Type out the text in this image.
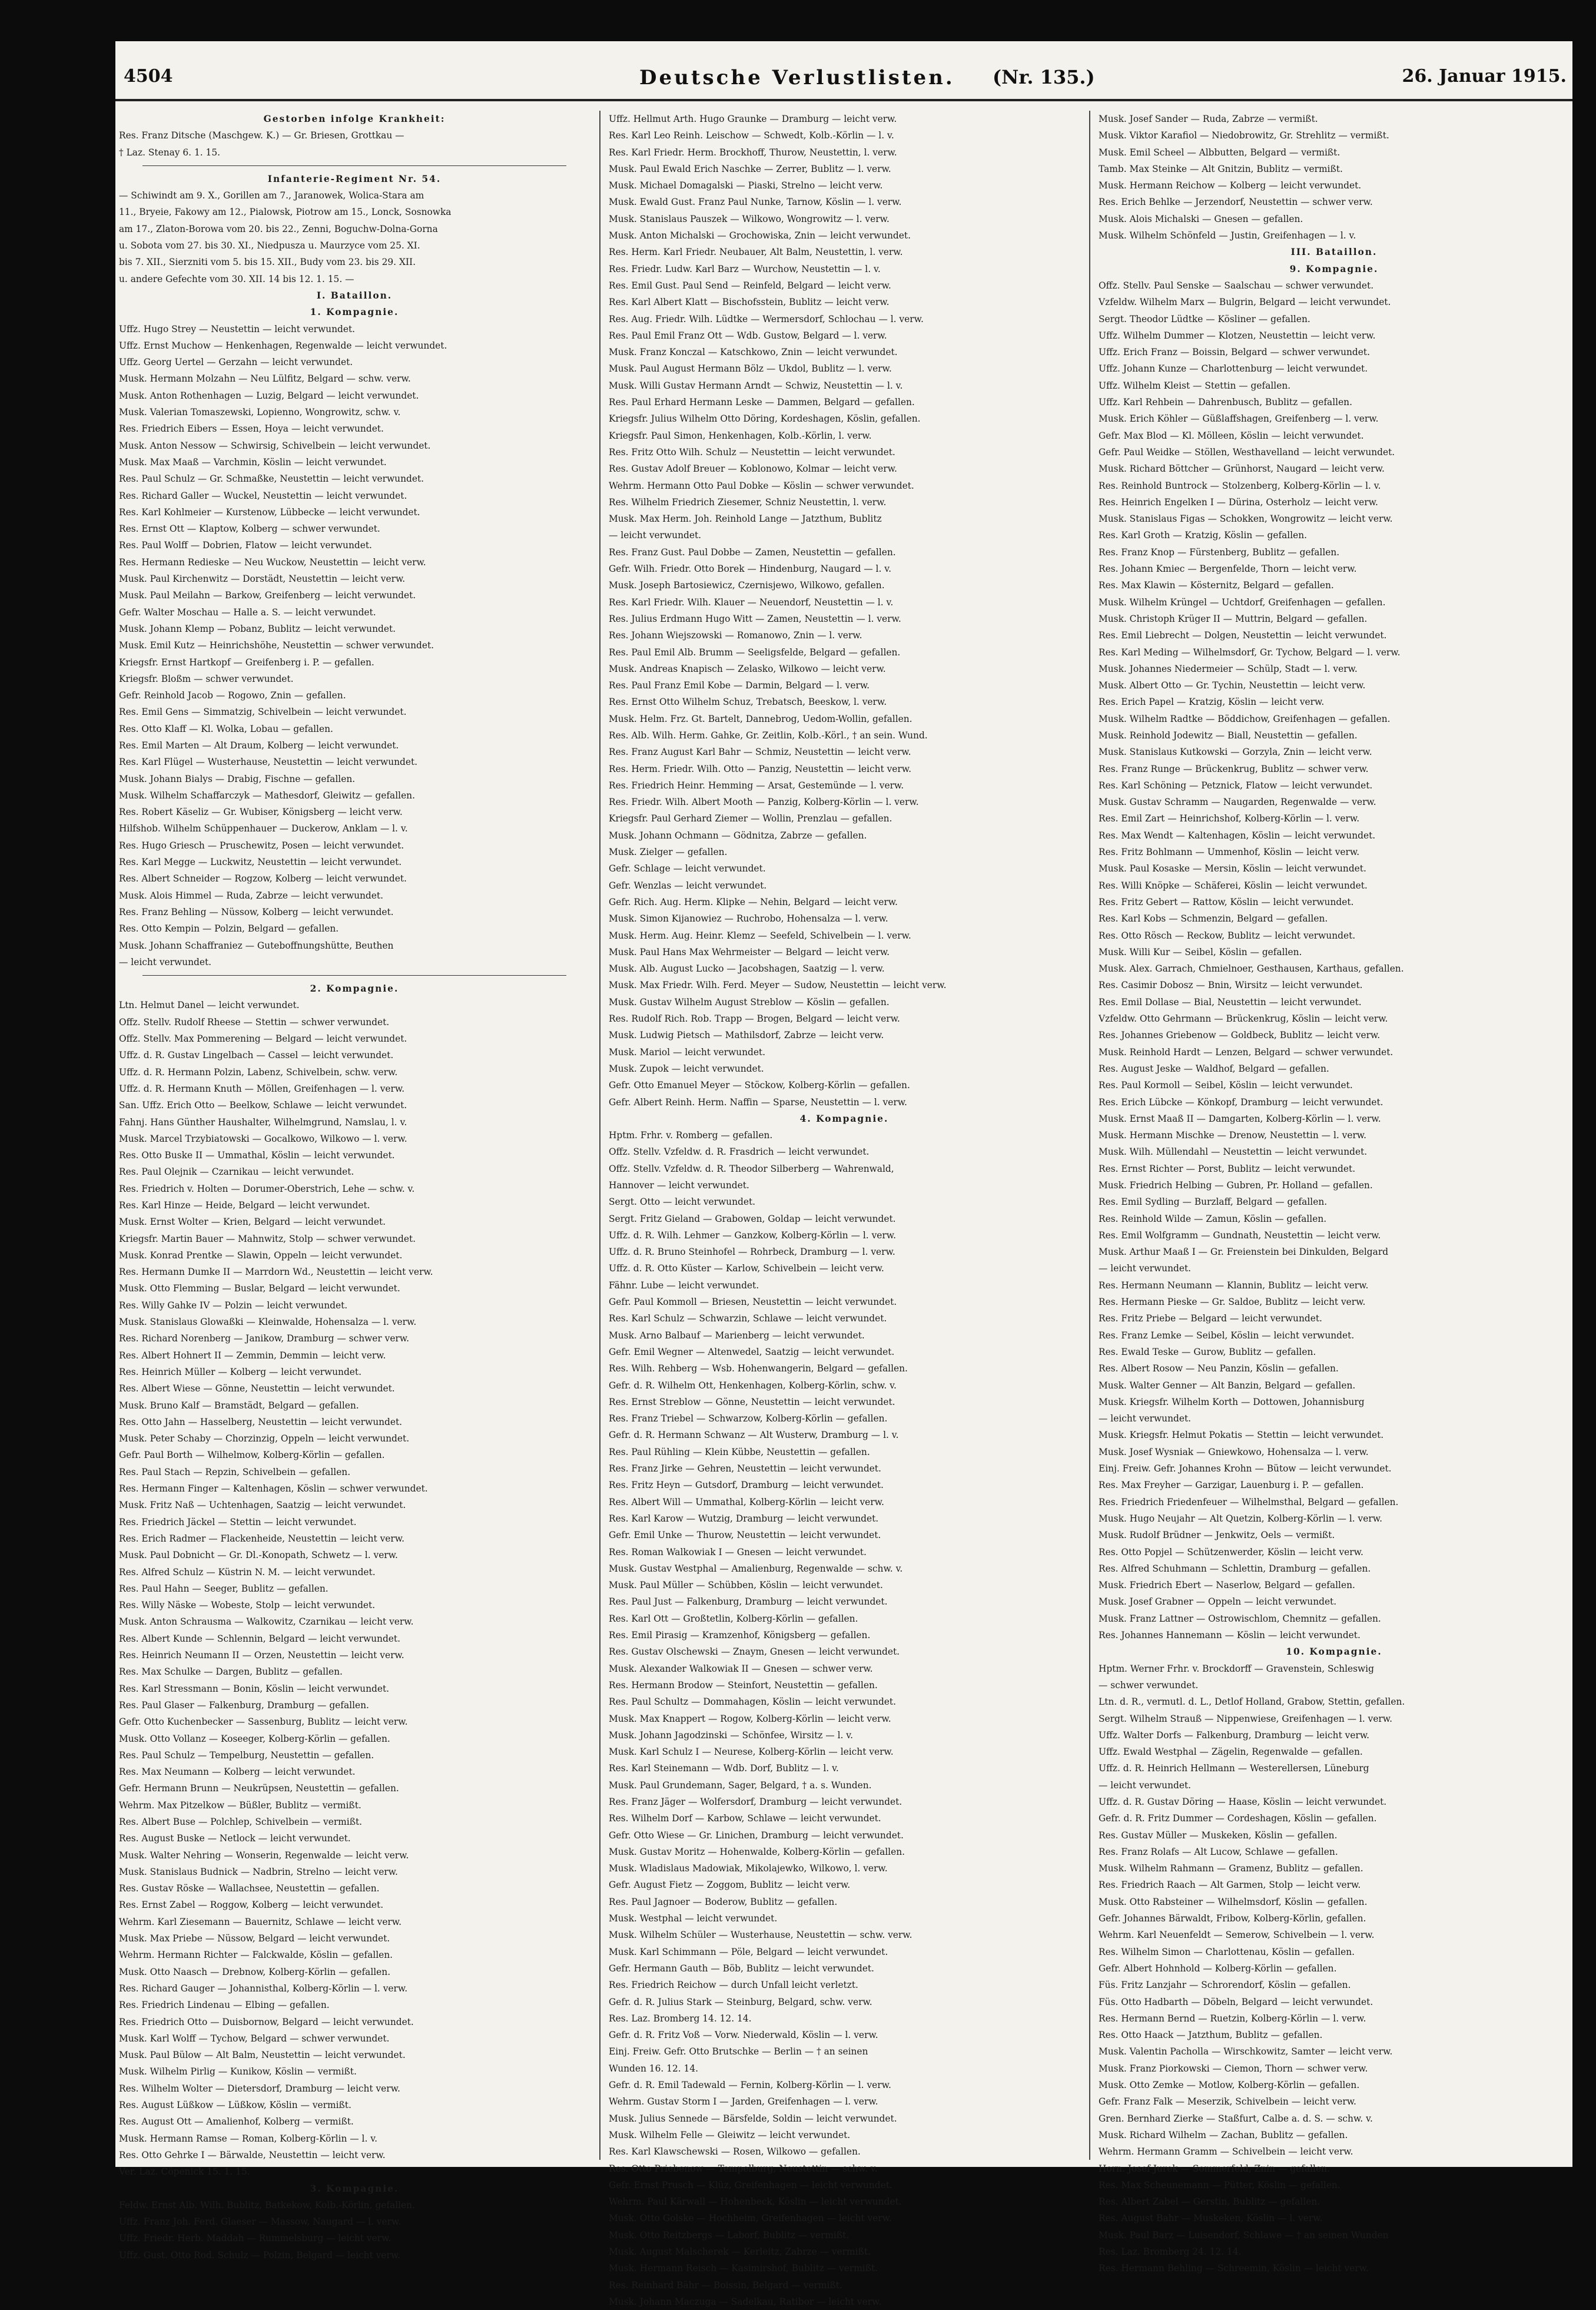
4504	Deutsche Verlustlisten. (Nr. 135.)	26. Januar 1915.
Gestorben infolge Krankheit:
Res. Franz Ditsche (Maschgew. K.) — Gr. Briesen, Grottkau —
† Laz. Stenay 6. 1. 15.
Infanterie-Regiment Nr. 54.
— Schiwindt am 9. X., Gorillen am 7., Jaranowek, Wolica-Stara am
11., Bryeie, Fakowy am 12., Pialowsk, Piotrow am 15., Lonck, Sosnowka
am 17., Zlaton-Borowa vom 20. bis 22., Zenni, Boguchw-Dolna-Gorna
u. Sobota vom 27. bis 30. XI., Niedpusza u. Maurzyce vom 25. XI.
bis 7. XII., Sierzniti vom 5. bis 15. XII., Budy vom 23. bis 29. XII.
u. andere Gefechte vom 30. XII. 14 bis 12. 1. 15. —
I. Bataillon.
1. Kompagnie.
Uffz. Hugo Strey — Neustettin — leicht verwundet.
Uffz. Ernst Muchow — Henkenhagen, Regenwalde — leicht verwundet.
Uffz. Georg Uertel — Gerzahn — leicht verwundet.
Musk. Hermann Molzahn — Neu Lülfitz, Belgard — schw. verw.
Musk. Anton Rothenhagen — Luzig, Belgard — leicht verwundet.
Musk. Valerian Tomaszewski, Lopienno, Wongrowitz, schw. v.
Res. Friedrich Eibers — Essen, Hoya — leicht verwundet.
Musk. Anton Nessow — Schwirsig, Schivelbein — leicht verwundet.
Musk. Max Maaß — Varchmin, Köslin — leicht verwundet.
Res. Paul Schulz — Gr. Schmaßke, Neustettin — leicht verwundet.
Res. Richard Galler — Wuckel, Neustettin — leicht verwundet.
Res. Karl Kohlmeier — Kurstenow, Lübbecke — leicht verwundet.
Res. Ernst Ott — Klaptow, Kolberg — schwer verwundet.
Res. Paul Wolff — Dobrien, Flatow — leicht verwundet.
Res. Hermann Redieske — Neu Wuckow, Neustettin — leicht verw.
Musk. Paul Kirchenwitz — Dorstädt, Neustettin — leicht verw.
Musk. Paul Meilahn — Barkow, Greifenberg — leicht verwundet.
Gefr. Walter Moschau — Halle a. S. — leicht verwundet.
Musk. Johann Klemp — Pobanz, Bublitz — leicht verwundet.
Musk. Emil Kutz — Heinrichshöhe, Neustettin — schwer verwundet.
Kriegsfr. Ernst Hartkopf — Greifenberg i. P. — gefallen.
Kriegsfr. Bloßm — schwer verwundet.
Gefr. Reinhold Jacob — Rogowo, Znin — gefallen.
Res. Emil Gens — Simmatzig, Schivelbein — leicht verwundet.
Res. Otto Klaff — Kl. Wolka, Lobau — gefallen.
Res. Emil Marten — Alt Draum, Kolberg — leicht verwundet.
Res. Karl Flügel — Wusterhause, Neustettin — leicht verwundet.
Musk. Johann Bialys — Drabig, Fischne — gefallen.
Musk. Wilhelm Schaffarczyk — Mathesdorf, Gleiwitz — gefallen.
Res. Robert Käseliz — Gr. Wubiser, Königsberg — leicht verw.
Hilfshob. Wilhelm Schüppenhauer — Duckerow, Anklam — l. v.
Res. Hugo Griesch — Pruschewitz, Posen — leicht verwundet.
Res. Karl Megge — Luckwitz, Neustettin — leicht verwundet.
Res. Albert Schneider — Rogzow, Kolberg — leicht verwundet.
Musk. Alois Himmel — Ruda, Zabrze — leicht verwundet.
Res. Franz Behling — Nüssow, Kolberg — leicht verwundet.
Res. Otto Kempin — Polzin, Belgard — gefallen.
Musk. Johann Schaffraniez — Guteboffnungshütte, Beuthen
— leicht verwundet.
2. Kompagnie.
Ltn. Helmut Danel — leicht verwundet.
Offz. Stellv. Rudolf Rheese — Stettin — schwer verwundet.
Offz. Stellv. Max Pommerening — Belgard — leicht verwundet.
Uffz. d. R. Gustav Lingelbach — Cassel — leicht verwundet.
Uffz. d. R. Hermann Polzin, Labenz, Schivelbein, schw. verw.
Uffz. d. R. Hermann Knuth — Möllen, Greifenhagen — l. verw.
San. Uffz. Erich Otto — Beelkow, Schlawe — leicht verwundet.
Fahnj. Hans Günther Haushalter, Wilhelmgrund, Namslau, l. v.
Musk. Marcel Trzybiatowski — Gocalkowo, Wilkowo — l. verw.
Res. Otto Buske II — Ummathal, Köslin — leicht verwundet.
Res. Paul Olejnik — Czarnikau — leicht verwundet.
Res. Friedrich v. Holten — Dorumer-Oberstrich, Lehe — schw. v.
Res. Karl Hinze — Heide, Belgard — leicht verwundet.
Musk. Ernst Wolter — Krien, Belgard — leicht verwundet.
Kriegsfr. Martin Bauer — Mahnwitz, Stolp — schwer verwundet.
Musk. Konrad Prentke — Slawin, Oppeln — leicht verwundet.
Res. Hermann Dumke II — Marrdorn Wd., Neustettin — leicht verw.
Musk. Otto Flemming — Buslar, Belgard — leicht verwundet.
Res. Willy Gahke IV — Polzin — leicht verwundet.
Musk. Stanislaus Glowaßki — Kleinwalde, Hohensalza — l. verw.
Res. Richard Norenberg — Janikow, Dramburg — schwer verw.
Res. Albert Hohnert II — Zemmin, Demmin — leicht verw.
Res. Heinrich Müller — Kolberg — leicht verwundet.
Res. Albert Wiese — Gönne, Neustettin — leicht verwundet.
Musk. Bruno Kalf — Bramstädt, Belgard — gefallen.
Res. Otto Jahn — Hasselberg, Neustettin — leicht verwundet.
Musk. Peter Schaby — Chorzinzig, Oppeln — leicht verwundet.
Gefr. Paul Borth — Wilhelmow, Kolberg-Körlin — gefallen.
Res. Paul Stach — Repzin, Schivelbein — gefallen.
Res. Hermann Finger — Kaltenhagen, Köslin — schwer verwundet.
Musk. Fritz Naß — Uchtenhagen, Saatzig — leicht verwundet.
Res. Friedrich Jäckel — Stettin — leicht verwundet.
Res. Erich Radmer — Flackenheide, Neustettin — leicht verw.
Musk. Paul Dobnicht — Gr. Dl.-Konopath, Schwetz — l. verw.
Res. Alfred Schulz — Küstrin N. M. — leicht verwundet.
Res. Paul Hahn — Seeger, Bublitz — gefallen.
Res. Willy Näske — Wobeste, Stolp — leicht verwundet.
Musk. Anton Schrausma — Walkowitz, Czarnikau — leicht verw.
Res. Albert Kunde — Schlennin, Belgard — leicht verwundet.
Res. Heinrich Neumann II — Orzen, Neustettin — leicht verw.
Res. Max Schulke — Dargen, Bublitz — gefallen.
Res. Karl Stressmann — Bonin, Köslin — leicht verwundet.
Res. Paul Glaser — Falkenburg, Dramburg — gefallen.
Gefr. Otto Kuchenbecker — Sassenburg, Bublitz — leicht verw.
Musk. Otto Vollanz — Koseeger, Kolberg-Körlin — gefallen.
Res. Paul Schulz — Tempelburg, Neustettin — gefallen.
Res. Max Neumann — Kolberg — leicht verwundet.
Gefr. Hermann Brunn — Neukrüpsen, Neustettin — gefallen.
Wehrm. Max Pitzelkow — Büßler, Bublitz — vermißt.
Res. Albert Buse — Polchlep, Schivelbein — vermißt.
Res. August Buske — Netlock — leicht verwundet.
Musk. Walter Nehring — Wonserin, Regenwalde — leicht verw.
Musk. Stanislaus Budnick — Nadbrin, Strelno — leicht verw.
Res. Gustav Röske — Wallachsee, Neustettin — gefallen.
Res. Ernst Zabel — Roggow, Kolberg — leicht verwundet.
Wehrm. Karl Ziesemann — Bauernitz, Schlawe — leicht verw.
Musk. Max Priebe — Nüssow, Belgard — leicht verwundet.
Wehrm. Hermann Richter — Falckwalde, Köslin — gefallen.
Musk. Otto Naasch — Drebnow, Kolberg-Körlin — gefallen.
Res. Richard Gauger — Johannisthal, Kolberg-Körlin — l. verw.
Res. Friedrich Lindenau — Elbing — gefallen.
Res. Friedrich Otto — Duisbornow, Belgard — leicht verwundet.
Musk. Karl Wolff — Tychow, Belgard — schwer verwundet.
Musk. Paul Bülow — Alt Balm, Neustettin — leicht verwundet.
Musk. Wilhelm Pirlig — Kunikow, Köslin — vermißt.
Res. Wilhelm Wolter — Dietersdorf, Dramburg — leicht verw.
Res. August Lüßkow — Lüßkow, Köslin — vermißt.
Res. August Ott — Amalienhof, Kolberg — vermißt.
Musk. Hermann Ramse — Roman, Kolberg-Körlin — l. v.
Res. Otto Gehrke I — Bärwalde, Neustettin — leicht verw.
Ver. Laz. Cöpenick 15. 1. 15.
3. Kompagnie.
Feldw. Ernst Alb. Wilh. Bublitz, Batkekow, Kolb.-Körlin, gefallen.
Uffz. Franz Joh. Ferd. Glaeser — Massow, Naugard — l. verw.
Uffz. Friedr. Herb. Maddah — Rummelsburg — leicht verw.
Uffz. Gust. Otto Rod. Schulz — Polzin, Belgard — leicht verw.
Uffz. Hellmut Arth. Hugo Graunke — Dramburg — leicht verw.
Res. Karl Leo Reinh. Leischow — Schwedt, Kolb.-Körlin — l. v.
Res. Karl Friedr. Herm. Brockhoff, Thurow, Neustettin, l. verw.
Musk. Paul Ewald Erich Naschke — Zerrer, Bublitz — l. verw.
Musk. Michael Domagalski — Piaski, Strelno — leicht verw.
Musk. Ewald Gust. Franz Paul Nunke, Tarnow, Köslin — l. verw.
Musk. Stanislaus Pauszek — Wilkowo, Wongrowitz — l. verw.
Musk. Anton Michalski — Grochowiska, Znin — leicht verwundet.
Res. Herm. Karl Friedr. Neubauer, Alt Balm, Neustettin, l. verw.
Res. Friedr. Ludw. Karl Barz — Wurchow, Neustettin — l. v.
Res. Emil Gust. Paul Send — Reinfeld, Belgard — leicht verw.
Res. Karl Albert Klatt — Bischofsstein, Bublitz — leicht verw.
Res. Aug. Friedr. Wilh. Lüdtke — Wermersdorf, Schlochau — l. verw.
Res. Paul Emil Franz Ott — Wdb. Gustow, Belgard — l. verw.
Musk. Franz Konczal — Katschkowo, Znin — leicht verwundet.
Musk. Paul August Hermann Bölz — Ukdol, Bublitz — l. verw.
Musk. Willi Gustav Hermann Arndt — Schwiz, Neustettin — l. v.
Res. Paul Erhard Hermann Leske — Dammen, Belgard — gefallen.
Kriegsfr. Julius Wilhelm Otto Döring, Kordeshagen, Köslin, gefallen.
Kriegsfr. Paul Simon, Henkenhagen, Kolb.-Körlin, l. verw.
Res. Fritz Otto Wilh. Schulz — Neustettin — leicht verwundet.
Res. Gustav Adolf Breuer — Koblonowo, Kolmar — leicht verw.
Wehrm. Hermann Otto Paul Dobke — Köslin — schwer verwundet.
Res. Wilhelm Friedrich Ziesemer, Schniz Neustettin, l. verw.
Musk. Max Herm. Joh. Reinhold Lange — Jatzthum, Bublitz
— leicht verwundet.
Res. Franz Gust. Paul Dobbe — Zamen, Neustettin — gefallen.
Gefr. Wilh. Friedr. Otto Borek — Hindenburg, Naugard — l. v.
Musk. Joseph Bartosiewicz, Czernisjewo, Wilkowo, gefallen.
Res. Karl Friedr. Wilh. Klauer — Neuendorf, Neustettin — l. v.
Res. Julius Erdmann Hugo Witt — Zamen, Neustettin — l. verw.
Res. Johann Wiejszowski — Romanowo, Znin — l. verw.
Res. Paul Emil Alb. Brumm — Seeligsfelde, Belgard — gefallen.
Musk. Andreas Knapisch — Zelasko, Wilkowo — leicht verw.
Res. Paul Franz Emil Kobe — Darmin, Belgard — l. verw.
Res. Ernst Otto Wilhelm Schuz, Trebatsch, Beeskow, l. verw.
Musk. Helm. Frz. Gt. Bartelt, Dannebrog, Uedom-Wollin, gefallen.
Res. Alb. Wilh. Herm. Gahke, Gr. Zeitlin, Kolb.-Körl., † an sein. Wund.
Res. Franz August Karl Bahr — Schmiz, Neustettin — leicht verw.
Res. Herm. Friedr. Wilh. Otto — Panzig, Neustettin — leicht verw.
Res. Friedrich Heinr. Hemming — Arsat, Gestemünde — l. verw.
Res. Friedr. Wilh. Albert Mooth — Panzig, Kolberg-Körlin — l. verw.
Kriegsfr. Paul Gerhard Ziemer — Wollin, Prenzlau — gefallen.
Musk. Johann Ochmann — Gödnitza, Zabrze — gefallen.
Musk. Zielger — gefallen.
Gefr. Schlage — leicht verwundet.
Gefr. Wenzlas — leicht verwundet.
Gefr. Rich. Aug. Herm. Klipke — Nehin, Belgard — leicht verw.
Musk. Simon Kijanowiez — Ruchrobo, Hohensalza — l. verw.
Musk. Herm. Aug. Heinr. Klemz — Seefeld, Schivelbein — l. verw.
Musk. Paul Hans Max Wehrmeister — Belgard — leicht verw.
Musk. Alb. August Lucko — Jacobshagen, Saatzig — l. verw.
Musk. Max Friedr. Wilh. Ferd. Meyer — Sudow, Neustettin — leicht verw.
Musk. Gustav Wilhelm August Streblow — Köslin — gefallen.
Res. Rudolf Rich. Rob. Trapp — Brogen, Belgard — leicht verw.
Musk. Ludwig Pietsch — Mathilsdorf, Zabrze — leicht verw.
Musk. Mariol — leicht verwundet.
Musk. Zupok — leicht verwundet.
Gefr. Otto Emanuel Meyer — Stöckow, Kolberg-Körlin — gefallen.
Gefr. Albert Reinh. Herm. Naffin — Sparse, Neustettin — l. verw.
4. Kompagnie.
Hptm. Frhr. v. Romberg — gefallen.
Offz. Stellv. Vzfeldw. d. R. Frasdrich — leicht verwundet.
Offz. Stellv. Vzfeldw. d. R. Theodor Silberberg — Wahrenwald,
Hannover — leicht verwundet.
Sergt. Otto — leicht verwundet.
Sergt. Fritz Gieland — Grabowen, Goldap — leicht verwundet.
Uffz. d. R. Wilh. Lehmer — Ganzkow, Kolberg-Körlin — l. verw.
Uffz. d. R. Bruno Steinhofel — Rohrbeck, Dramburg — l. verw.
Uffz. d. R. Otto Küster — Karlow, Schivelbein — leicht verw.
Fähnr. Lube — leicht verwundet.
Gefr. Paul Kommoll — Briesen, Neustettin — leicht verwundet.
Res. Karl Schulz — Schwarzin, Schlawe — leicht verwundet.
Musk. Arno Balbauf — Marienberg — leicht verwundet.
Gefr. Emil Wegner — Altenwedel, Saatzig — leicht verwundet.
Res. Wilh. Rehberg — Wsb. Hohenwangerin, Belgard — gefallen.
Gefr. d. R. Wilhelm Ott, Henkenhagen, Kolberg-Körlin, schw. v.
Res. Ernst Streblow — Gönne, Neustettin — leicht verwundet.
Res. Franz Triebel — Schwarzow, Kolberg-Körlin — gefallen.
Gefr. d. R. Hermann Schwanz — Alt Wusterw, Dramburg — l. v.
Res. Paul Rühling — Klein Kübbe, Neustettin — gefallen.
Res. Franz Jirke — Gehren, Neustettin — leicht verwundet.
Res. Fritz Heyn — Gutsdorf, Dramburg — leicht verwundet.
Res. Albert Will — Ummathal, Kolberg-Körlin — leicht verw.
Res. Karl Karow — Wutzig, Dramburg — leicht verwundet.
Gefr. Emil Unke — Thurow, Neustettin — leicht verwundet.
Res. Roman Walkowiak I — Gnesen — leicht verwundet.
Musk. Gustav Westphal — Amalienburg, Regenwalde — schw. v.
Musk. Paul Müller — Schübben, Köslin — leicht verwundet.
Res. Paul Just — Falkenburg, Dramburg — leicht verwundet.
Res. Karl Ott — Großtetlin, Kolberg-Körlin — gefallen.
Res. Emil Pirasig — Kramzenhof, Königsberg — gefallen.
Res. Gustav Olschewski — Znaym, Gnesen — leicht verwundet.
Musk. Alexander Walkowiak II — Gnesen — schwer verw.
Res. Hermann Brodow — Steinfort, Neustettin — gefallen.
Res. Paul Schultz — Dommahagen, Köslin — leicht verwundet.
Musk. Max Knappert — Rogow, Kolberg-Körlin — leicht verw.
Musk. Johann Jagodzinski — Schönfee, Wirsitz — l. v.
Musk. Karl Schulz I — Neurese, Kolberg-Körlin — leicht verw.
Res. Karl Steinemann — Wdb. Dorf, Bublitz — l. v.
Musk. Paul Grundemann, Sager, Belgard, † a. s. Wunden.
Res. Franz Jäger — Wolfersdorf, Dramburg — leicht verwundet.
Res. Wilhelm Dorf — Karbow, Schlawe — leicht verwundet.
Gefr. Otto Wiese — Gr. Linichen, Dramburg — leicht verwundet.
Musk. Gustav Moritz — Hohenwalde, Kolberg-Körlin — gefallen.
Musk. Wladislaus Madowiak, Mikolajewko, Wilkowo, l. verw.
Gefr. August Fietz — Zoggom, Bublitz — leicht verw.
Res. Paul Jagnoer — Boderow, Bublitz — gefallen.
Musk. Westphal — leicht verwundet.
Musk. Wilhelm Schüler — Wusterhause, Neustettin — schw. verw.
Musk. Karl Schimmann — Pöle, Belgard — leicht verwundet.
Gefr. Hermann Gauth — Böb, Bublitz — leicht verwundet.
Res. Friedrich Reichow — durch Unfall leicht verletzt.
Gefr. d. R. Julius Stark — Steinburg, Belgard, schw. verw.
Res. Laz. Bromberg 14. 12. 14.
Gefr. d. R. Fritz Voß — Vorw. Niederwald, Köslin — l. verw.
Einj. Freiw. Gefr. Otto Brutschke — Berlin — † an seinen
Wunden 16. 12. 14.
Gefr. d. R. Emil Tadewald — Fernin, Kolberg-Körlin — l. verw.
Wehrm. Gustav Storm I — Jarden, Greifenhagen — l. verw.
Musk. Julius Sennede — Bärsfelde, Soldin — leicht verwundet.
Musk. Wilhelm Felle — Gleiwitz — leicht verwundet.
Res. Karl Klawschewski — Rosen, Wilkowo — gefallen.
Res. Otto Priebenow — Tempelburg, Neustettin — schw. v.
Gefr. Ernst Prusch — Klüz, Greifenhagen — leicht verwundet.
Wehrm. Paul Kärwall — Hohenbeck, Köslin — leicht verwundet.
Musk. Otto Golske — Hochheim, Greifenhagen — leicht verw.
Musk. Otto Reitzbergs — Laborf, Bublitz — vermißt.
Musk. August Malscherek — Kerleitz, Zabrze — vermißt.
Musk. Hermann Reisch — Kasimirshof, Bublitz — vermißt.
Res. Reinhard Bähr — Boissin, Belgard — vermißt.
Musk. Johann Maczuga — Sadelkau, Ratibor — leicht verw.
Musk. Josef Sander — Ruda, Zabrze — vermißt.
Musk. Viktor Karafiol — Niedobrowitz, Gr. Strehlitz — vermißt.
Musk. Emil Scheel — Albbutten, Belgard — vermißt.
Tamb. Max Steinke — Alt Gnitzin, Bublitz — vermißt.
Musk. Hermann Reichow — Kolberg — leicht verwundet.
Res. Erich Behlke — Jerzendorf, Neustettin — schwer verw.
Musk. Alois Michalski — Gnesen — gefallen.
Musk. Wilhelm Schönfeld — Justin, Greifenhagen — l. v.
III. Bataillon.
9. Kompagnie.
Offz. Stellv. Paul Senske — Saalschau — schwer verwundet.
Vzfeldw. Wilhelm Marx — Bulgrin, Belgard — leicht verwundet.
Sergt. Theodor Lüdtke — Kösliner — gefallen.
Uffz. Wilhelm Dummer — Klotzen, Neustettin — leicht verw.
Uffz. Erich Franz — Boissin, Belgard — schwer verwundet.
Uffz. Johann Kunze — Charlottenburg — leicht verwundet.
Uffz. Wilhelm Kleist — Stettin — gefallen.
Uffz. Karl Rehbein — Dahrenbusch, Bublitz — gefallen.
Musk. Erich Köhler — Güßlaffshagen, Greifenberg — l. verw.
Gefr. Max Blod — Kl. Mölleen, Köslin — leicht verwundet.
Gefr. Paul Weidke — Stöllen, Westhavelland — leicht verwundet.
Musk. Richard Böttcher — Grünhorst, Naugard — leicht verw.
Res. Reinhold Buntrock — Stolzenberg, Kolberg-Körlin — l. v.
Res. Heinrich Engelken I — Dürina, Osterholz — leicht verw.
Musk. Stanislaus Figas — Schokken, Wongrowitz — leicht verw.
Res. Karl Groth — Kratzig, Köslin — gefallen.
Res. Franz Knop — Fürstenberg, Bublitz — gefallen.
Res. Johann Kmiec — Bergenfelde, Thorn — leicht verw.
Res. Max Klawin — Kösternitz, Belgard — gefallen.
Musk. Wilhelm Krüngel — Uchtdorf, Greifenhagen — gefallen.
Musk. Christoph Krüger II — Muttrin, Belgard — gefallen.
Res. Emil Liebrecht — Dolgen, Neustettin — leicht verwundet.
Res. Karl Meding — Wilhelmsdorf, Gr. Tychow, Belgard — l. verw.
Musk. Johannes Niedermeier — Schülp, Stadt — l. verw.
Musk. Albert Otto — Gr. Tychin, Neustettin — leicht verw.
Res. Erich Papel — Kratzig, Köslin — leicht verw.
Musk. Wilhelm Radtke — Böddichow, Greifenhagen — gefallen.
Musk. Reinhold Jodewitz — Biall, Neustettin — gefallen.
Musk. Stanislaus Kutkowski — Gorzyla, Znin — leicht verw.
Res. Franz Runge — Brückenkrug, Bublitz — schwer verw.
Res. Karl Schöning — Petznick, Flatow — leicht verwundet.
Musk. Gustav Schramm — Naugarden, Regenwalde — verw.
Res. Emil Zart — Heinrichshof, Kolberg-Körlin — l. verw.
Res. Max Wendt — Kaltenhagen, Köslin — leicht verwundet.
Res. Fritz Bohlmann — Ummenhof, Köslin — leicht verw.
Musk. Paul Kosaske — Mersin, Köslin — leicht verwundet.
Res. Willi Knöpke — Schäferei, Köslin — leicht verwundet.
Res. Fritz Gebert — Rattow, Köslin — leicht verwundet.
Res. Karl Kobs — Schmenzin, Belgard — gefallen.
Res. Otto Rösch — Reckow, Bublitz — leicht verwundet.
Musk. Willi Kur — Seibel, Köslin — gefallen.
Musk. Alex. Garrach, Chmielnoer, Gesthausen, Karthaus, gefallen.
Res. Casimir Dobosz — Bnin, Wirsitz — leicht verwundet.
Res. Emil Dollase — Bial, Neustettin — leicht verwundet.
Vzfeldw. Otto Gehrmann — Brückenkrug, Köslin — leicht verw.
Res. Johannes Griebenow — Goldbeck, Bublitz — leicht verw.
Musk. Reinhold Hardt — Lenzen, Belgard — schwer verwundet.
Res. August Jeske — Waldhof, Belgard — gefallen.
Res. Paul Kormoll — Seibel, Köslin — leicht verwundet.
Res. Erich Lübcke — Könkopf, Dramburg — leicht verwundet.
Musk. Ernst Maaß II — Damgarten, Kolberg-Körlin — l. verw.
Musk. Hermann Mischke — Drenow, Neustettin — l. verw.
Musk. Wilh. Müllendahl — Neustettin — leicht verwundet.
Res. Ernst Richter — Porst, Bublitz — leicht verwundet.
Musk. Friedrich Helbing — Gubren, Pr. Holland — gefallen.
Res. Emil Sydling — Burzlaff, Belgard — gefallen.
Res. Reinhold Wilde — Zamun, Köslin — gefallen.
Res. Emil Wolfgramm — Gundnath, Neustettin — leicht verw.
Musk. Arthur Maaß I — Gr. Freienstein bei Dinkulden, Belgard
— leicht verwundet.
Res. Hermann Neumann — Klannin, Bublitz — leicht verw.
Res. Hermann Pieske — Gr. Saldoe, Bublitz — leicht verw.
Res. Fritz Priebe — Belgard — leicht verwundet.
Res. Franz Lemke — Seibel, Köslin — leicht verwundet.
Res. Ewald Teske — Gurow, Bublitz — gefallen.
Res. Albert Rosow — Neu Panzin, Köslin — gefallen.
Musk. Walter Genner — Alt Banzin, Belgard — gefallen.
Musk. Kriegsfr. Wilhelm Korth — Dottowen, Johannisburg
— leicht verwundet.
Musk. Kriegsfr. Helmut Pokatis — Stettin — leicht verwundet.
Musk. Josef Wysniak — Gniewkowo, Hohensalza — l. verw.
Einj. Freiw. Gefr. Johannes Krohn — Bütow — leicht verwundet.
Res. Max Freyher — Garzigar, Lauenburg i. P. — gefallen.
Res. Friedrich Friedenfeuer — Wilhelmsthal, Belgard — gefallen.
Musk. Hugo Neujahr — Alt Quetzin, Kolberg-Körlin — l. verw.
Musk. Rudolf Brüdner — Jenkwitz, Oels — vermißt.
Res. Otto Popjel — Schützenwerder, Köslin — leicht verw.
Res. Alfred Schuhmann — Schlettin, Dramburg — gefallen.
Musk. Friedrich Ebert — Naserlow, Belgard — gefallen.
Musk. Josef Grabner — Oppeln — leicht verwundet.
Musk. Franz Lattner — Ostrowischlom, Chemnitz — gefallen.
Res. Johannes Hannemann — Köslin — leicht verwundet.
10. Kompagnie.
Hptm. Werner Frhr. v. Brockdorff — Gravenstein, Schleswig
— schwer verwundet.
Ltn. d. R., vermutl. d. L., Detlof Holland, Grabow, Stettin, gefallen.
Sergt. Wilhelm Strauß — Nippenwiese, Greifenhagen — l. verw.
Uffz. Walter Dorfs — Falkenburg, Dramburg — leicht verw.
Uffz. Ewald Westphal — Zägelin, Regenwalde — gefallen.
Uffz. d. R. Heinrich Hellmann — Westerellersen, Lüneburg
— leicht verwundet.
Uffz. d. R. Gustav Döring — Haase, Köslin — leicht verwundet.
Gefr. d. R. Fritz Dummer — Cordeshagen, Köslin — gefallen.
Res. Gustav Müller — Muskeken, Köslin — gefallen.
Res. Franz Rolafs — Alt Lucow, Schlawe — gefallen.
Musk. Wilhelm Rahmann — Gramenz, Bublitz — gefallen.
Res. Friedrich Raach — Alt Garmen, Stolp — leicht verw.
Musk. Otto Rabsteiner — Wilhelmsdorf, Köslin — gefallen.
Gefr. Johannes Bärwaldt, Fribow, Kolberg-Körlin, gefallen.
Wehrm. Karl Neuenfeldt — Semerow, Schivelbein — l. verw.
Res. Wilhelm Simon — Charlottenau, Köslin — gefallen.
Gefr. Albert Hohnhold — Kolberg-Körlin — gefallen.
Füs. Fritz Lanzjahr — Schrorendorf, Köslin — gefallen.
Füs. Otto Hadbarth — Döbeln, Belgard — leicht verwundet.
Res. Hermann Bernd — Ruetzin, Kolberg-Körlin — l. verw.
Res. Otto Haack — Jatzthum, Bublitz — gefallen.
Musk. Valentin Pacholla — Wirschkowitz, Samter — leicht verw.
Musk. Franz Piorkowski — Ciemon, Thorn — schwer verw.
Musk. Otto Zemke — Motlow, Kolberg-Körlin — gefallen.
Gefr. Franz Falk — Meserzik, Schivelbein — leicht verw.
Gren. Bernhard Zierke — Staßfurt, Calbe a. d. S. — schw. v.
Musk. Richard Wilhelm — Zachan, Bublitz — gefallen.
Wehrm. Hermann Gramm — Schivelbein — leicht verw.
Horn. Josef Jurek — Sommerfeld, Znin — gefallen.
Res. Max Scheunemann — Pütter, Köslin — gefallen.
Res. Albert Zabel — Gerstin, Bublitz — gefallen.
Res. August Bahr — Muskeken, Köslin — l. verw.
Musk. Paul Barz — Luisendorf, Schlawe — † an seinen Wunden
Res. Laz. Bromberg 24. 12. 14.
Res. Hermann Behling — Schreemin, Köslin — leicht verw.
